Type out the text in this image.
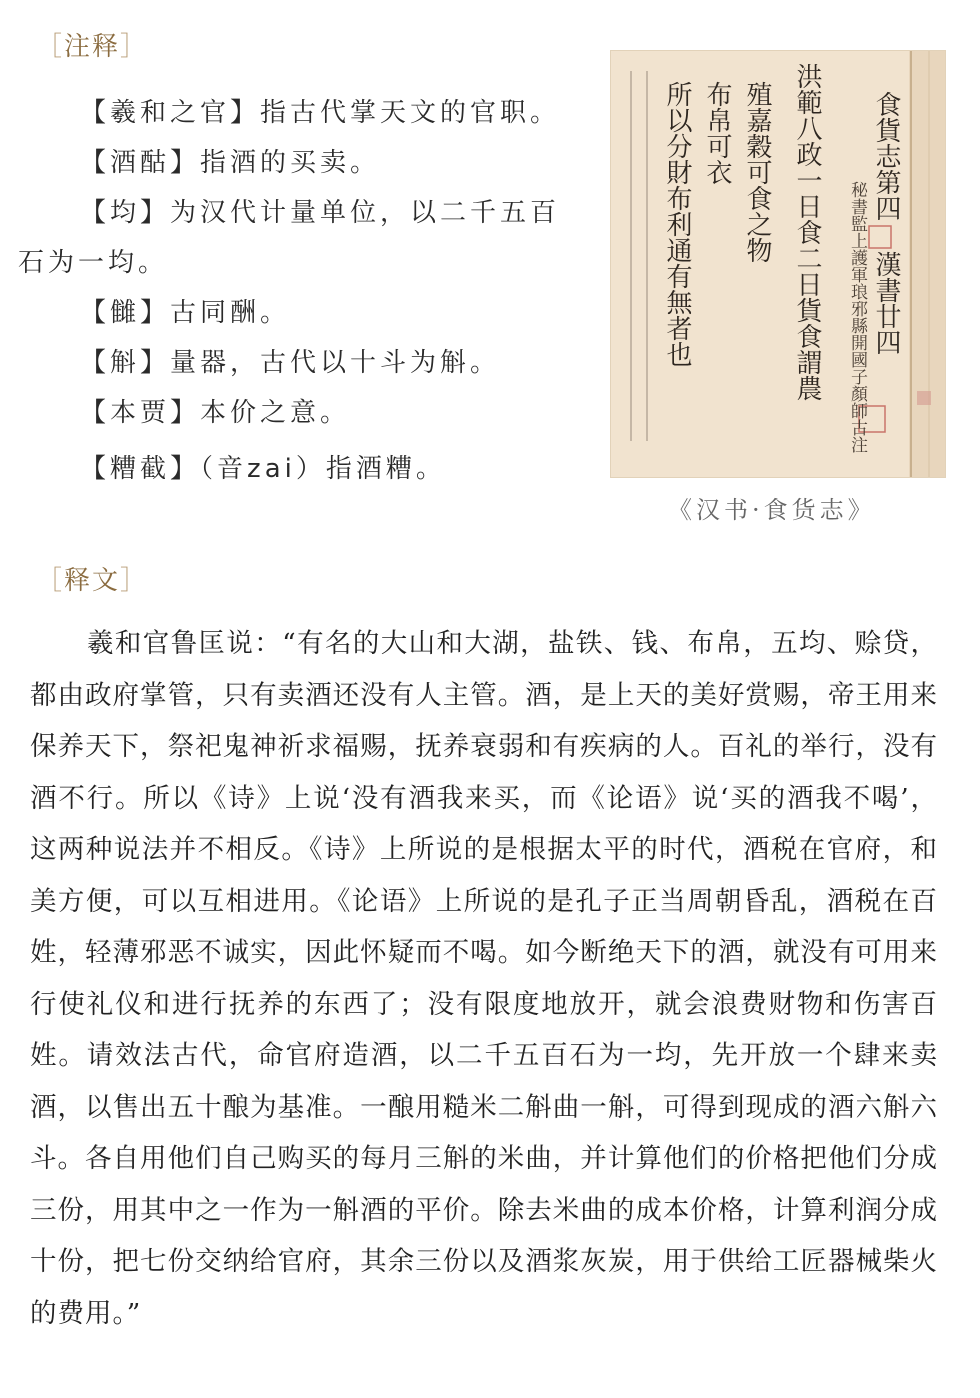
［注释］

【羲和之官】指古代掌天文的官职。

【酒酤】指酒的买卖。

【均】为汉代计量单位，以二千五百石为一均。

【雠】古同酬。

【斛】量器，古代以十斗为斛。

【本贾】本价之意。

【糟截】（音zai）指酒糟。

食貨志第四
秘書監上護軍琅邪縣開國子顏師古注
洪範八政一日食二日貨食謂農
殖嘉穀可食之物
布帛可衣
所以分財布利通有無者也	漢書廿四
《汉书·食货志》
［释文］

羲和官鲁匡说：“有名的大山和大湖，盐铁、钱、布帛，五均、赊贷，都由政府掌管，只有卖酒还没有人主管。酒，是上天的美好赏赐，帝王用来保养天下，祭祀鬼神祈求福赐，抚养衰弱和有疾病的人。百礼的举行，没有酒不行。所以《诗》上说‘没有酒我来买，而《论语》说‘买的酒我不喝’，这两种说法并不相反。《诗》上所说的是根据太平的时代，酒税在官府，和美方便，可以互相进用。《论语》上所说的是孔子正当周朝昏乱，酒税在百姓，轻薄邪恶不诚实，因此怀疑而不喝。如今断绝天下的酒，就没有可用来行使礼仪和进行抚养的东西了；没有限度地放开，就会浪费财物和伤害百姓。请效法古代，命官府造酒，以二千五百石为一均，先开放一个肆来卖酒，以售出五十酿为基准。一酿用糙米二斛曲一斛，可得到现成的酒六斛六斗。各自用他们自己购买的每月三斛的米曲，并计算他们的价格把他们分成三份，用其中之一作为一斛酒的平价。除去米曲的成本价格，计算利润分成十份，把七份交纳给官府，其余三份以及酒浆灰炭，用于供给工匠器械柴火的费用。”
